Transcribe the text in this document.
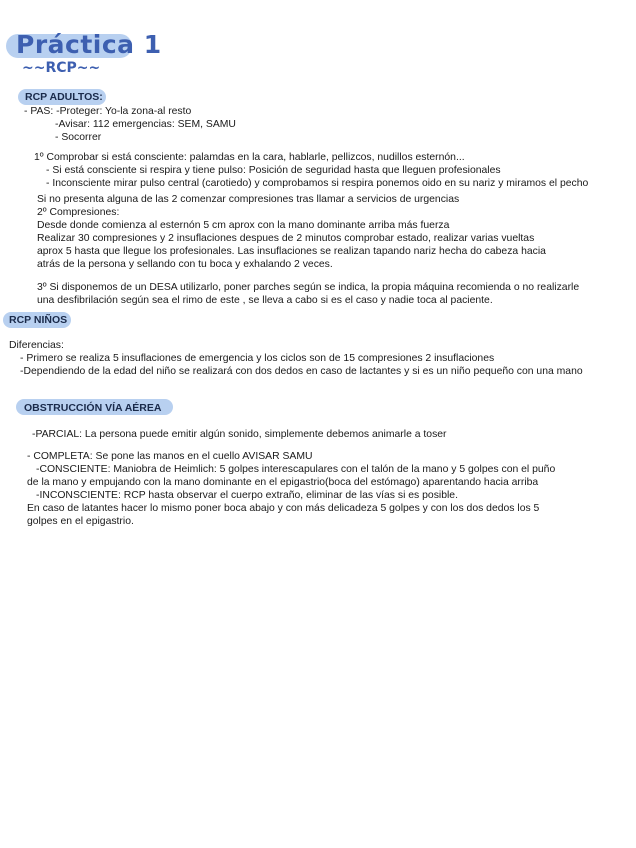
Práctica 1
~~RCP~~
RCP ADULTOS:
- PAS: -Proteger: Yo-la zona-al resto
-Avisar: 112 emergencias: SEM, SAMU
- Socorrer
1º Comprobar si está consciente: palamdas en la cara, hablarle, pellizcos, nudillos esternón...
- Si está consciente si respira y tiene pulso: Posición de seguridad hasta que lleguen profesionales
- Inconsciente mirar pulso central (carotiedo) y comprobamos si respira ponemos oido en su nariz y miramos el pecho
Si no presenta alguna de las 2 comenzar compresiones tras llamar a servicios de urgencias
2º Compresiones:
Desde donde comienza al esternón 5 cm aprox con la mano dominante arriba más fuerza
Realizar 30 compresiones y 2 insuflaciones despues de 2 minutos comprobar estado, realizar varias vueltas
aprox 5 hasta que llegue los profesionales. Las insuflaciones se realizan tapando nariz hecha do cabeza hacia
atrás de la persona y sellando con tu boca y exhalando 2 veces.
3º Si disponemos de un DESA utilizarlo, poner parches según se indica, la propia máquina recomienda o no realizarle
una desfibrilación según sea el rimo de este , se lleva a cabo si es el caso y nadie toca al paciente.
RCP NIÑOS
Diferencias:
- Primero se realiza 5 insuflaciones de emergencia y los ciclos son de 15 compresiones 2 insuflaciones
-Dependiendo de la edad del niño se realizará con dos dedos en caso de lactantes y si es un niño pequeño con una mano
OBSTRUCCIÓN VÍA AÉREA
-PARCIAL: La persona puede emitir algún sonido, simplemente debemos animarle a toser
- COMPLETA: Se pone las manos en el cuello AVISAR SAMU
-CONSCIENTE: Maniobra de Heimlich: 5 golpes interescapulares con el talón de la mano y 5 golpes con el puño
de la mano y empujando con la mano dominante en el epigastrio(boca del estómago) aparentando hacia arriba
-INCONSCIENTE: RCP hasta observar el cuerpo extraño, eliminar de las vías si es posible.
En caso de latantes hacer lo mismo poner boca abajo y con más delicadeza 5 golpes y con los dos dedos los 5
golpes en el epigastrio.
